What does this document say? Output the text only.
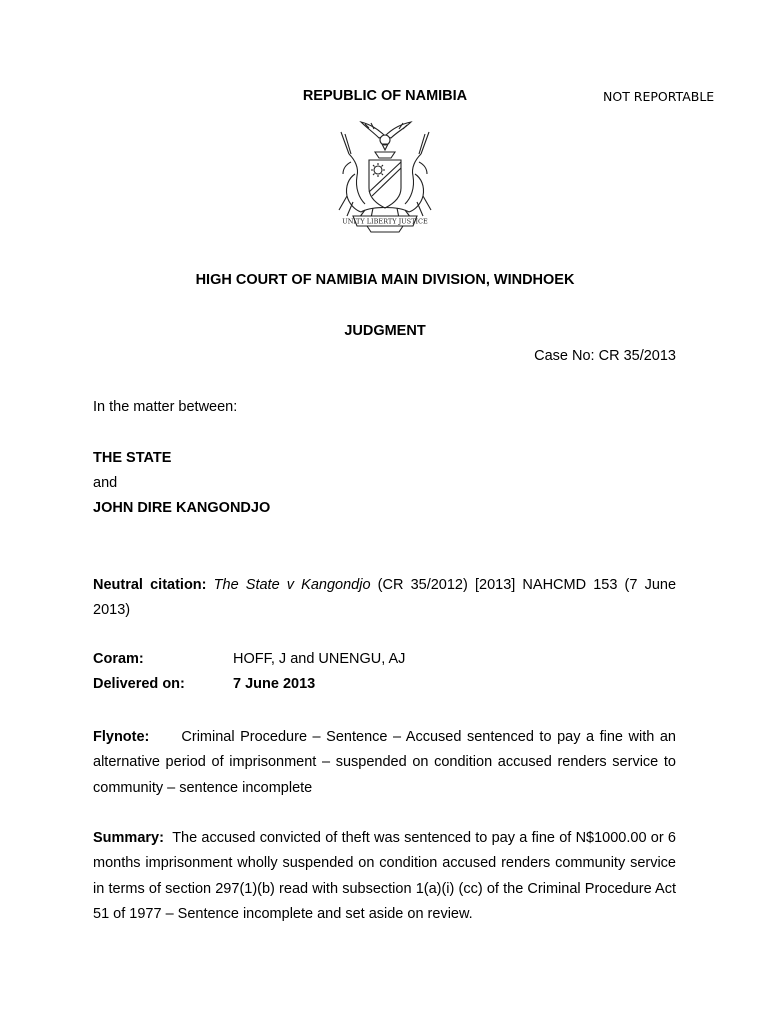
REPUBLIC OF NAMIBIA	NOT REPORTABLE
UNITY LIBERTY JUSTICE
HIGH COURT OF NAMIBIA MAIN DIVISION, WINDHOEK
JUDGMENT
Case No: CR 35/2013
In the matter between:
THE STATE
and
JOHN DIRE KANGONDJO
Neutral citation: The State v Kangondjo (CR 35/2012) [2013] NAHCMD 153 (7 June 2013)
Coram:	HOFF, J and UNENGU, AJ
Delivered on:	7 June 2013
Flynote: Criminal Procedure – Sentence – Accused sentenced to pay a fine with an alternative period of imprisonment – suspended on condition accused renders service to community – sentence incomplete
Summary: The accused convicted of theft was sentenced to pay a fine of N$1000.00 or 6 months imprisonment wholly suspended on condition accused renders community service in terms of section 297(1)(b) read with subsection 1(a)(i) (cc) of the Criminal Procedure Act 51 of 1977 – Sentence incomplete and set aside on review.
